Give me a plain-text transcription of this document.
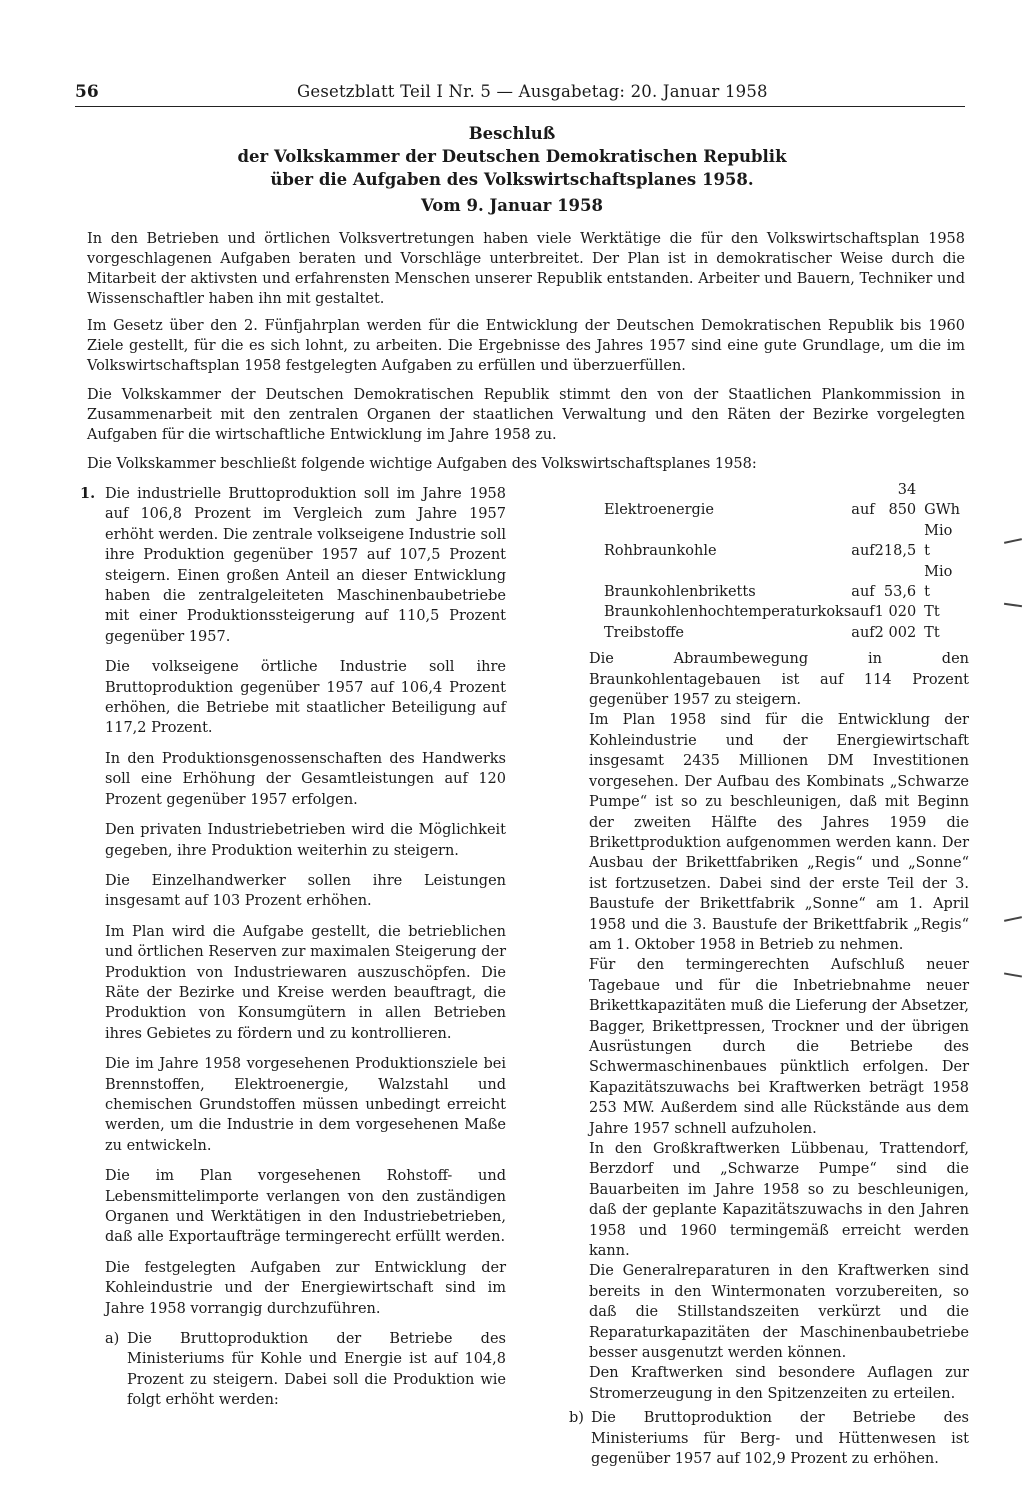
56	Gesetzblatt Teil I Nr. 5 — Ausgabetag: 20. Januar 1958
Beschluß
der Volkskammer der Deutschen Demokratischen Republik
über die Aufgaben des Volkswirtschaftsplanes 1958.
Vom 9. Januar 1958

In den Betrieben und örtlichen Volksvertretungen haben viele Werktätige die für den Volkswirtschaftsplan 1958 vorgeschlagenen Aufgaben beraten und Vorschläge unterbreitet. Der Plan ist in demokratischer Weise durch die Mitarbeit der aktivsten und erfahrensten Menschen unserer Republik entstanden. Arbeiter und Bauern, Techniker und Wissenschaftler haben ihn mit gestaltet.

Im Gesetz über den 2. Fünfjahrplan werden für die Entwicklung der Deutschen Demokratischen Republik bis 1960 Ziele gestellt, für die es sich lohnt, zu arbeiten. Die Ergebnisse des Jahres 1957 sind eine gute Grundlage, um die im Volkswirtschaftsplan 1958 festgelegten Aufgaben zu erfüllen und überzuerfüllen.

Die Volkskammer der Deutschen Demokratischen Republik stimmt den von der Staatlichen Plankommission in Zusammenarbeit mit den zentralen Organen der staatlichen Verwaltung und den Räten der Bezirke vorgelegten Aufgaben für die wirtschaftliche Entwicklung im Jahre 1958 zu.

Die Volkskammer beschließt folgende wichtige Aufgaben des Volkswirtschaftsplanes 1958:

1. Die industrielle Bruttoproduktion soll im Jahre 1958 auf 106,8 Prozent im Vergleich zum Jahre 1957 erhöht werden. Die zentrale volkseigene Industrie soll ihre Produktion gegenüber 1957 auf 107,5 Prozent steigern. Einen großen Anteil an dieser Entwicklung haben die zentralgeleiteten Maschinenbaubetriebe mit einer Produktionssteigerung auf 110,5 Prozent gegenüber 1957.

Die volkseigene örtliche Industrie soll ihre Bruttoproduktion gegenüber 1957 auf 106,4 Prozent erhöhen, die Betriebe mit staatlicher Beteiligung auf 117,2 Prozent.

In den Produktionsgenossenschaften des Handwerks soll eine Erhöhung der Gesamtleistungen auf 120 Prozent gegenüber 1957 erfolgen.

Den privaten Industriebetrieben wird die Möglichkeit gegeben, ihre Produktion weiterhin zu steigern.

Die Einzelhandwerker sollen ihre Leistungen insgesamt auf 103 Prozent erhöhen.

Im Plan wird die Aufgabe gestellt, die betrieblichen und örtlichen Reserven zur maximalen Steigerung der Produktion von Industriewaren auszuschöpfen. Die Räte der Bezirke und Kreise werden beauftragt, die Produktion von Konsumgütern in allen Betrieben ihres Gebietes zu fördern und zu kontrollieren.

Die im Jahre 1958 vorgesehenen Produktionsziele bei Brennstoffen, Elektroenergie, Walzstahl und chemischen Grundstoffen müssen unbedingt erreicht werden, um die Industrie in dem vorgesehenen Maße zu entwickeln.

Die im Plan vorgesehenen Rohstoff- und Lebensmittelimporte verlangen von den zuständigen Organen und Werktätigen in den Industriebetrieben, daß alle Exportaufträge termingerecht erfüllt werden.

Die festgelegten Aufgaben zur Entwicklung der Kohleindustrie und der Energiewirtschaft sind im Jahre 1958 vorrangig durchzuführen.

a) Die Bruttoproduktion der Betriebe des Ministeriums für Kohle und Energie ist auf 104,8 Prozent zu steigern. Dabei soll die Produktion wie folgt erhöht werden:
Elektroenergie	auf	34 850	GWh
Rohbraunkohle	auf	218,5	Mio t
Braunkohlenbriketts	auf	53,6	Mio t
Braunkohlenhochtemperaturkoks	auf	1 020	Tt
Treibstoffe	auf	2 002	Tt

Die Abraumbewegung in den Braunkohlentagebauen ist auf 114 Prozent gegenüber 1957 zu steigern.

Im Plan 1958 sind für die Entwicklung der Kohleindustrie und der Energiewirtschaft insgesamt 2435 Millionen DM Investitionen vorgesehen. Der Aufbau des Kombinats „Schwarze Pumpe“ ist so zu beschleunigen, daß mit Beginn der zweiten Hälfte des Jahres 1959 die Brikettproduktion aufgenommen werden kann. Der Ausbau der Brikettfabriken „Regis“ und „Sonne“ ist fortzusetzen. Dabei sind der erste Teil der 3. Baustufe der Brikettfabrik „Sonne“ am 1. April 1958 und die 3. Baustufe der Brikettfabrik „Regis“ am 1. Oktober 1958 in Betrieb zu nehmen.

Für den termingerechten Aufschluß neuer Tagebaue und für die Inbetriebnahme neuer Brikettkapazitäten muß die Lieferung der Absetzer, Bagger, Brikettpressen, Trockner und der übrigen Ausrüstungen durch die Betriebe des Schwermaschinenbaues pünktlich erfolgen. Der Kapazitätszuwachs bei Kraftwerken beträgt 1958 253 MW. Außerdem sind alle Rückstände aus dem Jahre 1957 schnell aufzuholen.

In den Großkraftwerken Lübbenau, Trattendorf, Berzdorf und „Schwarze Pumpe“ sind die Bauarbeiten im Jahre 1958 so zu beschleunigen, daß der geplante Kapazitätszuwachs in den Jahren 1958 und 1960 termingemäß erreicht werden kann.

Die Generalreparaturen in den Kraftwerken sind bereits in den Wintermonaten vorzubereiten, so daß die Stillstandszeiten verkürzt und die Reparaturkapazitäten der Maschinenbaubetriebe besser ausgenutzt werden können.

Den Kraftwerken sind besondere Auflagen zur Stromerzeugung in den Spitzenzeiten zu erteilen.

b) Die Bruttoproduktion der Betriebe des Ministeriums für Berg- und Hüttenwesen ist gegenüber 1957 auf 102,9 Prozent zu erhöhen.
